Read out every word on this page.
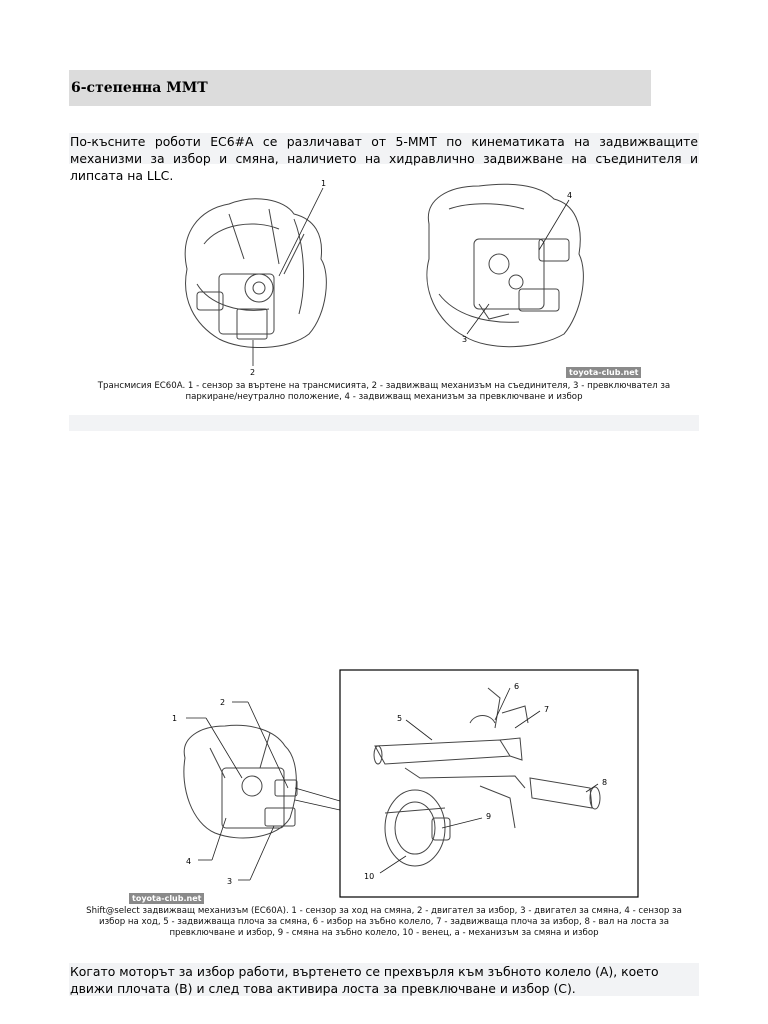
6-степенна MMT
По-късните роботи EC6#A се различават от 5-MMT по кинематиката на задвижващите механизми за избор и смяна, наличието на хидравлично задвижване на съединителя и липсата на LLC.
1
2
4
3
toyota-club.net
Трансмисия EC60A. 1 - сензор за въртене на трансмисията, 2 - задвижващ механизъм на съединителя, 3 - превключвател за
паркиране/неутрално положение, 4 - задвижващ механизъм за превключване и избор
1
2
4
3
5
6
7
8
9
10
toyota-club.net
Shift@select задвижващ механизъм (EC60A). 1 - сензор за ход на смяна, 2 - двигател за избор, 3 - двигател за смяна, 4 - сензор за
избор на ход, 5 - задвижваща плоча за смяна, 6 - избор на зъбно колело, 7 - задвижваща плоча за избор, 8 - вал на лоста за
превключване и избор, 9 - смяна на зъбно колело, 10 - венец, a - механизъм за смяна и избор
Когато моторът за избор работи, въртенето се прехвърля към зъбното колело (A), което движи плочата (B) и след това активира лоста за превключване и избор (C).
